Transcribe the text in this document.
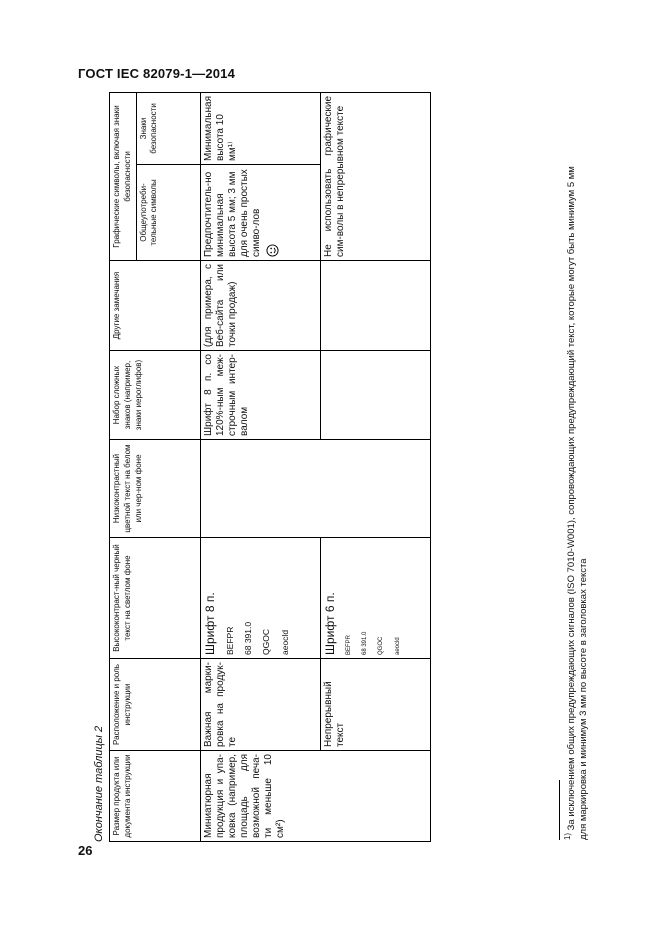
ГОСТ IEC 82079-1—2014
26
Окончание таблицы 2 Размер продукта или документа инструкции	Расположение и роль инструкции	Высококонтраст-ный черный текст на светлом фоне	Низкоконтрастный цветной текст на белом или чер-ном фоне	Набор сложных знаков (например, знаки иероглифов)	Другие замечания	Графические символы, включая знаки безопасности	
						Общеупотреби-тельные символы	Знаки безопасности
Миниатюрная продукция и упа-ковка (например, площадь для возможной печа-ти меньше 10 см²)	Важная марки-ровка на продук-те	Шрифт 8 п. BEFPR 68 391.0 QGOC aeocld		Шрифт 8 п. со 120%-ным меж-строчным интер-валом	(для примера, с Веб-сайта или точки продаж)	Предпочтитель-но минимальная высота 5 мм; 3 мм для очень простых симво-лов	Минимальная высота 10 мм¹⁾
	Непрерывный текст	Шрифт 6 п. BEFPR 68 391.0 QGOC aeocld				Не использовать графические сим-волы в непрерывном тексте	
$^{1)}$ За исключением общих предупреждающих сигналов (ISO 7010-W001), сопровождающих предупреждающий текст, которые могут быть минимум 5 мм для маркировка и минимум 3 мм по высоте в заголовках текста
